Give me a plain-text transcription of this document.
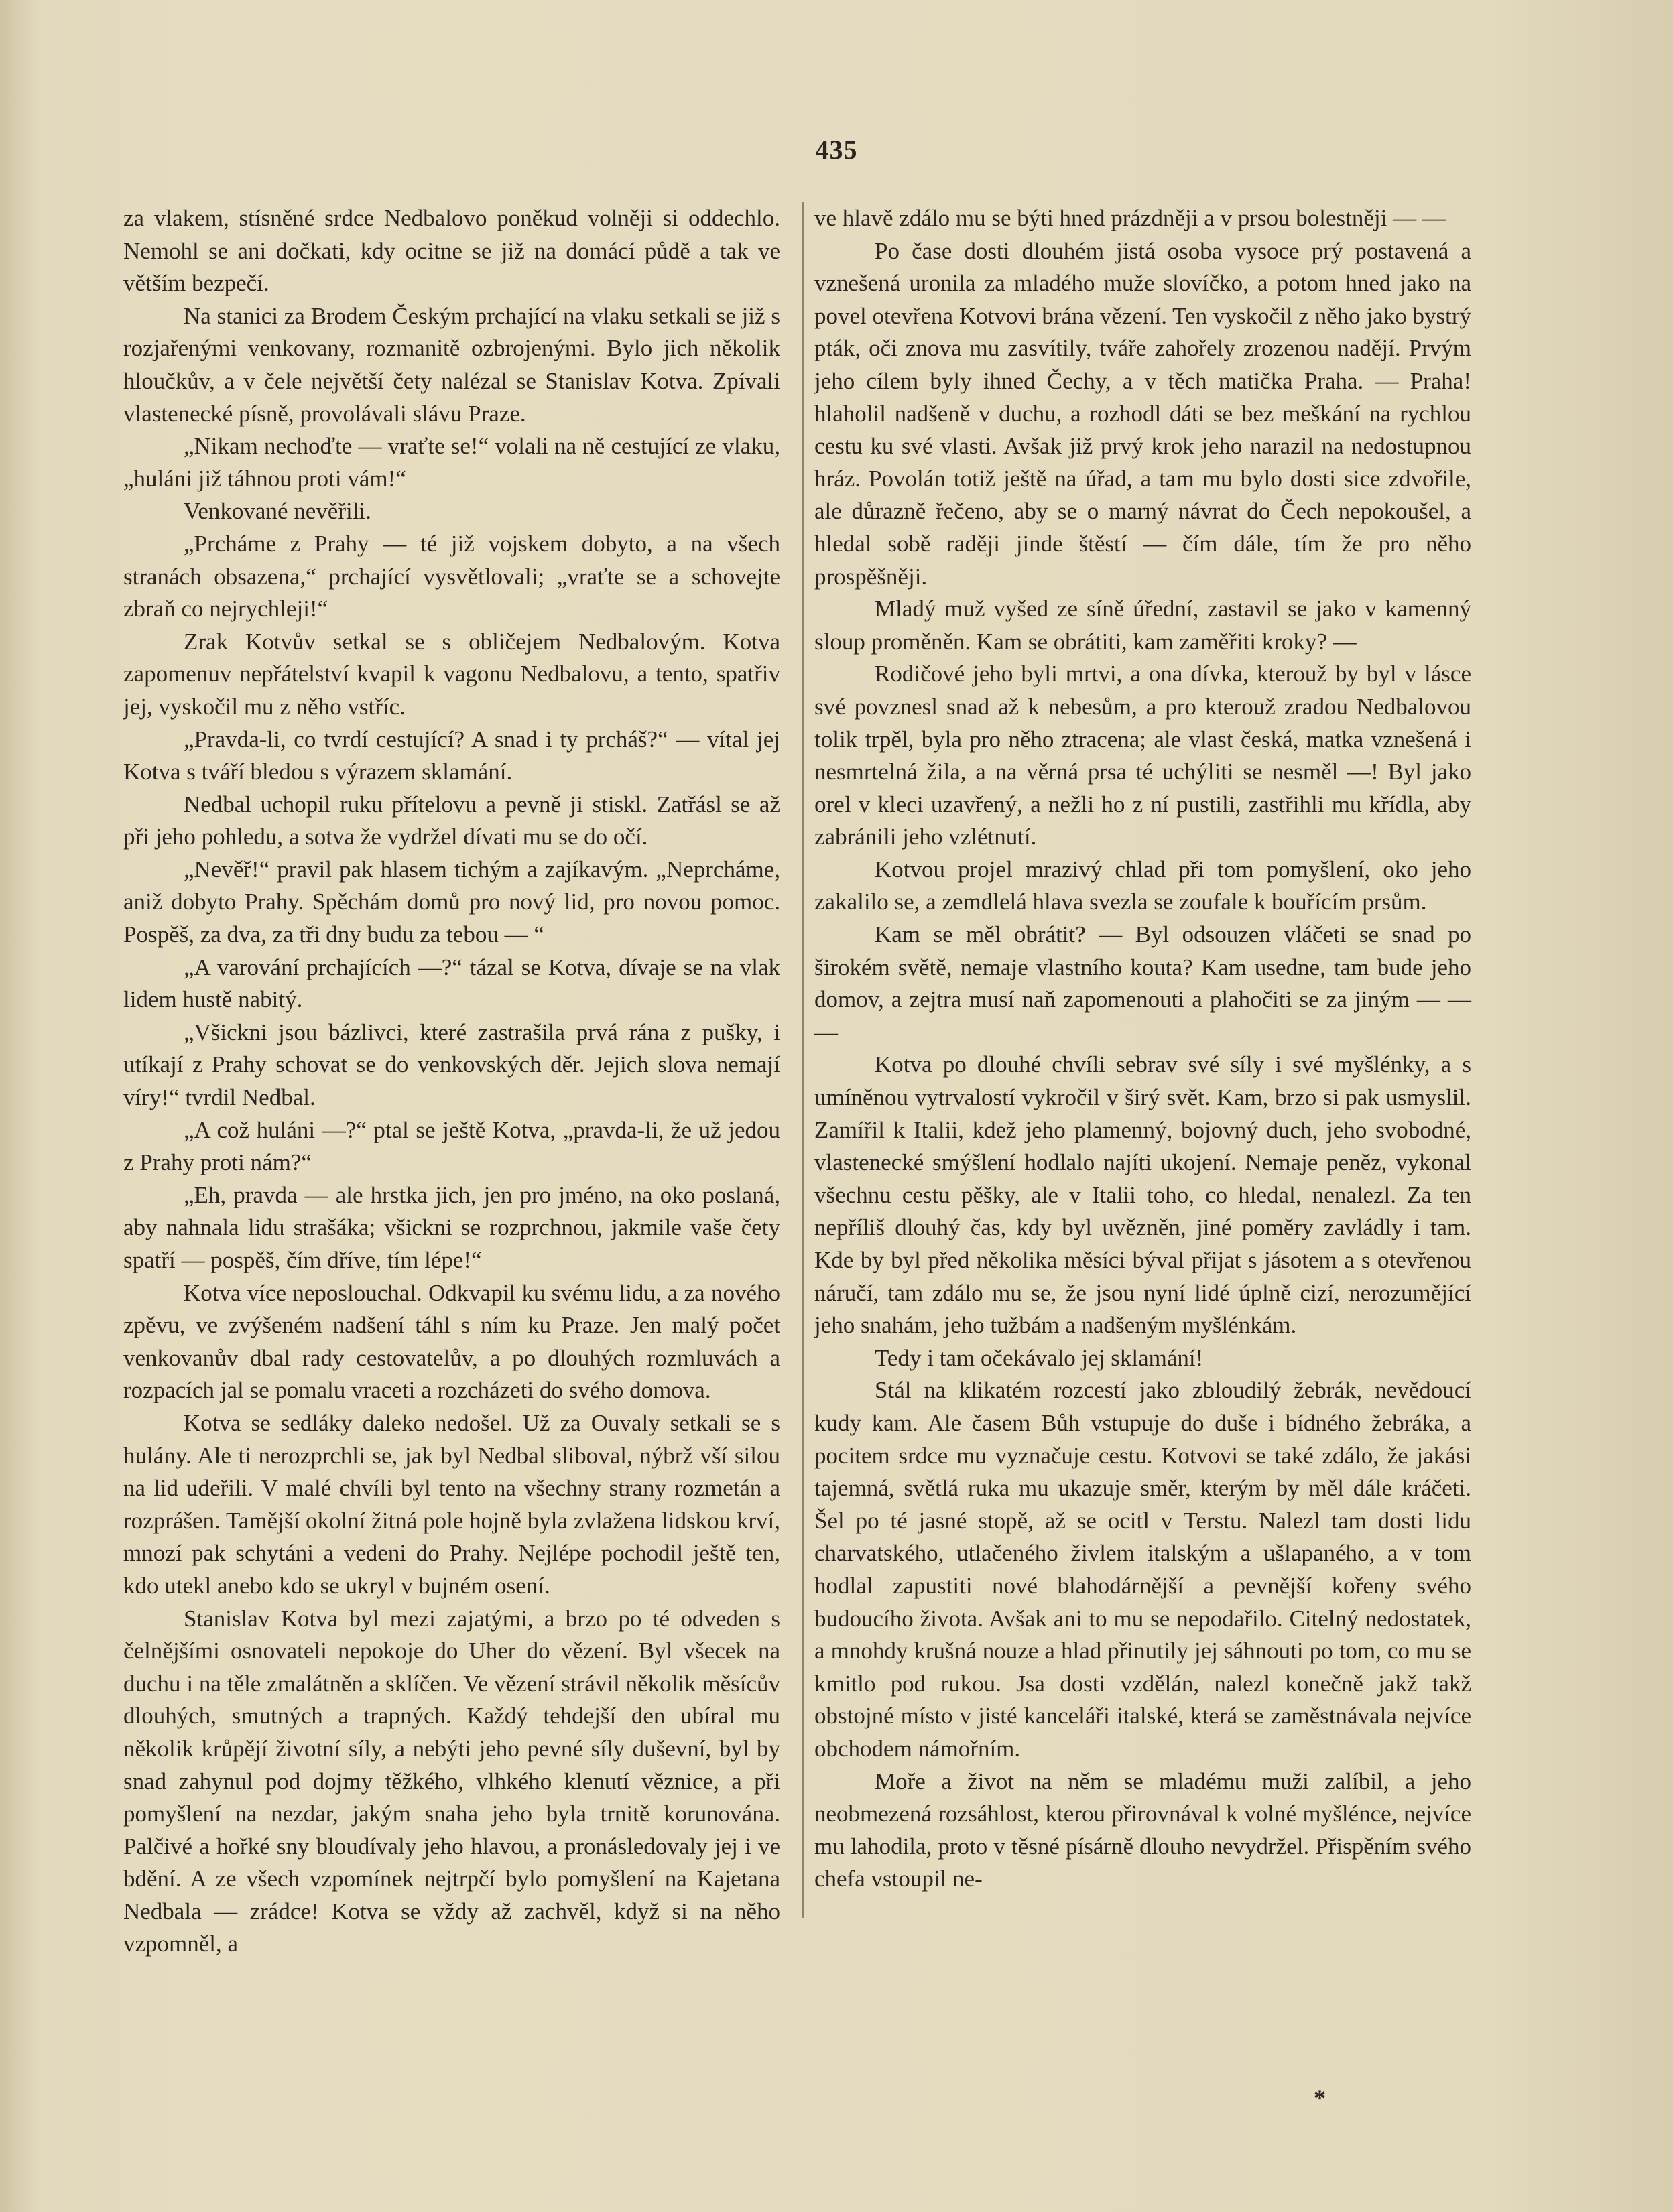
435

za vlakem, stísněné srdce Nedbalovo poněkud volněji si oddechlo. Nemohl se ani dočkati, kdy ocitne se již na domácí půdě a tak ve větším bezpečí.

Na stanici za Brodem Českým prchající na vlaku setkali se již s rozjařenými venkovany, rozmanitě ozbrojenými. Bylo jich několik hloučkův, a v čele největší čety nalézal se Stanislav Kotva. Zpívali vlastenecké písně, provolávali slávu Praze.

„Nikam nechoďte — vraťte se!“ volali na ně cestující ze vlaku, „huláni již táhnou proti vám!“

Venkované nevěřili.

„Prcháme z Prahy — té již vojskem dobyto, a na všech stranách obsazena,“ prchající vysvětlovali; „vraťte se a schovejte zbraň co nejrychleji!“

Zrak Kotvův setkal se s obličejem Nedbalovým. Kotva zapomenuv nepřátelství kvapil k vagonu Nedbalovu, a tento, spatřiv jej, vyskočil mu z něho vstříc.

„Pravda-li, co tvrdí cestující? A snad i ty prcháš?“ — vítal jej Kotva s tváří bledou s výrazem sklamání.

Nedbal uchopil ruku přítelovu a pevně ji stiskl. Zatřásl se až při jeho pohledu, a sotva že vydržel dívati mu se do očí.

„Nevěř!“ pravil pak hlasem tichým a zajíkavým. „Neprcháme, aniž dobyto Prahy. Spěchám domů pro nový lid, pro novou pomoc. Pospěš, za dva, za tři dny budu za tebou — “

„A varování prchajících —?“ tázal se Kotva, dívaje se na vlak lidem hustě nabitý.

„Všickni jsou bázlivci, které zastrašila prvá rána z pušky, i utíkají z Prahy schovat se do venkovských děr. Jejich slova nemají víry!“ tvrdil Nedbal.

„A což huláni —?“ ptal se ještě Kotva, „pravda-li, že už jedou z Prahy proti nám?“

„Eh, pravda — ale hrstka jich, jen pro jméno, na oko poslaná, aby nahnala lidu strašáka; všickni se rozprchnou, jakmile vaše čety spatří — pospěš, čím dříve, tím lépe!“

Kotva více neposlouchal. Odkvapil ku svému lidu, a za nového zpěvu, ve zvýšeném nadšení táhl s ním ku Praze. Jen malý počet venkovanův dbal rady cestovatelův, a po dlouhých rozmluvách a rozpacích jal se pomalu vraceti a rozcházeti do svého domova.

Kotva se sedláky daleko nedošel. Už za Ouvaly setkali se s hulány. Ale ti nerozprchli se, jak byl Nedbal sliboval, nýbrž vší silou na lid udeřili. V malé chvíli byl tento na všechny strany rozmetán a rozprášen. Tamější okolní žitná pole hojně byla zvlažena lidskou krví, mnozí pak schytáni a vedeni do Prahy. Nejlépe pochodil ještě ten, kdo utekl anebo kdo se ukryl v bujném osení.

Stanislav Kotva byl mezi zajatými, a brzo po té odveden s čelnějšími osnovateli nepokoje do Uher do vězení. Byl všecek na duchu i na těle zmalátněn a sklíčen. Ve vězení strávil několik měsícův dlouhých, smutných a trapných. Každý tehdejší den ubíral mu několik krůpějí životní síly, a nebýti jeho pevné síly duševní, byl by snad zahynul pod dojmy těžkého, vlhkého klenutí věznice, a při pomyšlení na nezdar, jakým snaha jeho byla trnitě korunována. Palčivé a hořké sny bloudívaly jeho hlavou, a pronásledovaly jej i ve bdění. A ze všech vzpomínek nejtrpčí bylo pomyšlení na Kajetana Nedbala — zrádce! Kotva se vždy až zachvěl, když si na něho vzpomněl, a

ve hlavě zdálo mu se býti hned prázdněji a v prsou bolestněji — —

Po čase dosti dlouhém jistá osoba vysoce prý postavená a vznešená uronila za mladého muže slovíčko, a potom hned jako na povel otevřena Kotvovi brána vězení. Ten vyskočil z něho jako bystrý pták, oči znova mu zasvítily, tváře zahořely zrozenou nadějí. Prvým jeho cílem byly ihned Čechy, a v těch matička Praha. — Praha! hlaholil nadšeně v duchu, a rozhodl dáti se bez meškání na rychlou cestu ku své vlasti. Avšak již prvý krok jeho narazil na nedostupnou hráz. Povolán totiž ještě na úřad, a tam mu bylo dosti sice zdvořile, ale důrazně řečeno, aby se o marný návrat do Čech nepokoušel, a hledal sobě raději jinde štěstí — čím dále, tím že pro něho prospěšněji.

Mladý muž vyšed ze síně úřední, zastavil se jako v kamenný sloup proměněn. Kam se obrátiti, kam zaměřiti kroky? —

Rodičové jeho byli mrtvi, a ona dívka, kterouž by byl v lásce své povznesl snad až k nebesům, a pro kterouž zradou Nedbalovou tolik trpěl, byla pro něho ztracena; ale vlast česká, matka vznešená i nesmrtelná žila, a na věrná prsa té uchýliti se nesměl —! Byl jako orel v kleci uzavřený, a nežli ho z ní pustili, zastřihli mu křídla, aby zabránili jeho vzlétnutí.

Kotvou projel mrazivý chlad při tom pomyšlení, oko jeho zakalilo se, a zemdlelá hlava svezla se zoufale k bouřícím prsům.

Kam se měl obrátit? — Byl odsouzen vláčeti se snad po širokém světě, nemaje vlastního kouta? Kam usedne, tam bude jeho domov, a zejtra musí naň zapomenouti a plahočiti se za jiným — — —

Kotva po dlouhé chvíli sebrav své síly i své myšlénky, a s umíněnou vytrvalostí vykročil v širý svět. Kam, brzo si pak usmyslil. Zamířil k Italii, kdež jeho plamenný, bojovný duch, jeho svobodné, vlastenecké smýšlení hodlalo najíti ukojení. Nemaje peněz, vykonal všechnu cestu pěšky, ale v Italii toho, co hledal, nenalezl. Za ten nepříliš dlouhý čas, kdy byl uvězněn, jiné poměry zavládly i tam. Kde by byl před několika měsíci býval přijat s jásotem a s otevřenou náručí, tam zdálo mu se, že jsou nyní lidé úplně cizí, nerozumějící jeho snahám, jeho tužbám a nadšeným myšlénkám.

Tedy i tam očekávalo jej sklamání!

Stál na klikatém rozcestí jako zbloudilý žebrák, nevědoucí kudy kam. Ale časem Bůh vstupuje do duše i bídného žebráka, a pocitem srdce mu vyznačuje cestu. Kotvovi se také zdálo, že jakási tajemná, světlá ruka mu ukazuje směr, kterým by měl dále kráčeti. Šel po té jasné stopě, až se ocitl v Terstu. Nalezl tam dosti lidu charvatského, utlačeného živlem italským a ušlapaného, a v tom hodlal zapustiti nové blahodárnější a pevnější kořeny svého budoucího života. Avšak ani to mu se nepodařilo. Citelný nedostatek, a mnohdy krušná nouze a hlad přinutily jej sáhnouti po tom, co mu se kmitlo pod rukou. Jsa dosti vzdělán, nalezl konečně jakž takž obstojné místo v jisté kanceláři italské, která se zaměstnávala nejvíce obchodem námořním.

Moře a život na něm se mladému muži zalíbil, a jeho neobmezená rozsáhlost, kterou přirovnával k volné myšlénce, nejvíce mu lahodila, proto v těsné písárně dlouho nevydržel. Přispěním svého chefa vstoupil ne-

*
